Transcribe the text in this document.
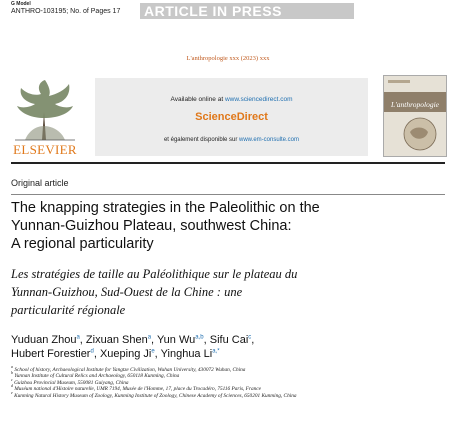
G Model
ANTHRO-103195; No. of Pages 17 ARTICLE IN PRESS
L'anthropologie xxx (2023) xxx
ELSEVIER
Available online at www.sciencedirect.com
ScienceDirect
et également disponible sur www.em-consulte.com
L'anthropologie
Original article
The knapping strategies in the Paleolithic on the
Yunnan-Guizhou Plateau, southwest China:
A regional particularity
Les stratégies de taille au Paléolithique sur le plateau du
Yunnan-Guizhou, Sud-Ouest de la Chine : une
particularité régionale
Yuduan Zhou$^a$, Zixuan Shen$^a$, Yun Wu$^{a,b}$, Sifu Cai$^c$,
Hubert Forestier$^d$, Xueping Ji$^e$, Yinghua $Li^{a,*}$
$^a$ School of history, Archaeological Institute for Yangtze Civilization, Wuhan University, 430072 Wuhan, China
$^b$ Yunnan Institute of Cultural Relics and Archaeology, 650118 Kunming, China
$^c$ Guizhou Provincial Museum, 550081 Guiyang, China
$^d$ Muséum national d'Histoire naturelle, UMR 7194, Musée de l'Homme, 17, place du Trocadéro, 75116 Paris, France
$^e$ Kunming Natural History Museum of Zoology, Kunming Institute of Zoology, Chinese Academy of Sciences, 650201 Kunming, China
